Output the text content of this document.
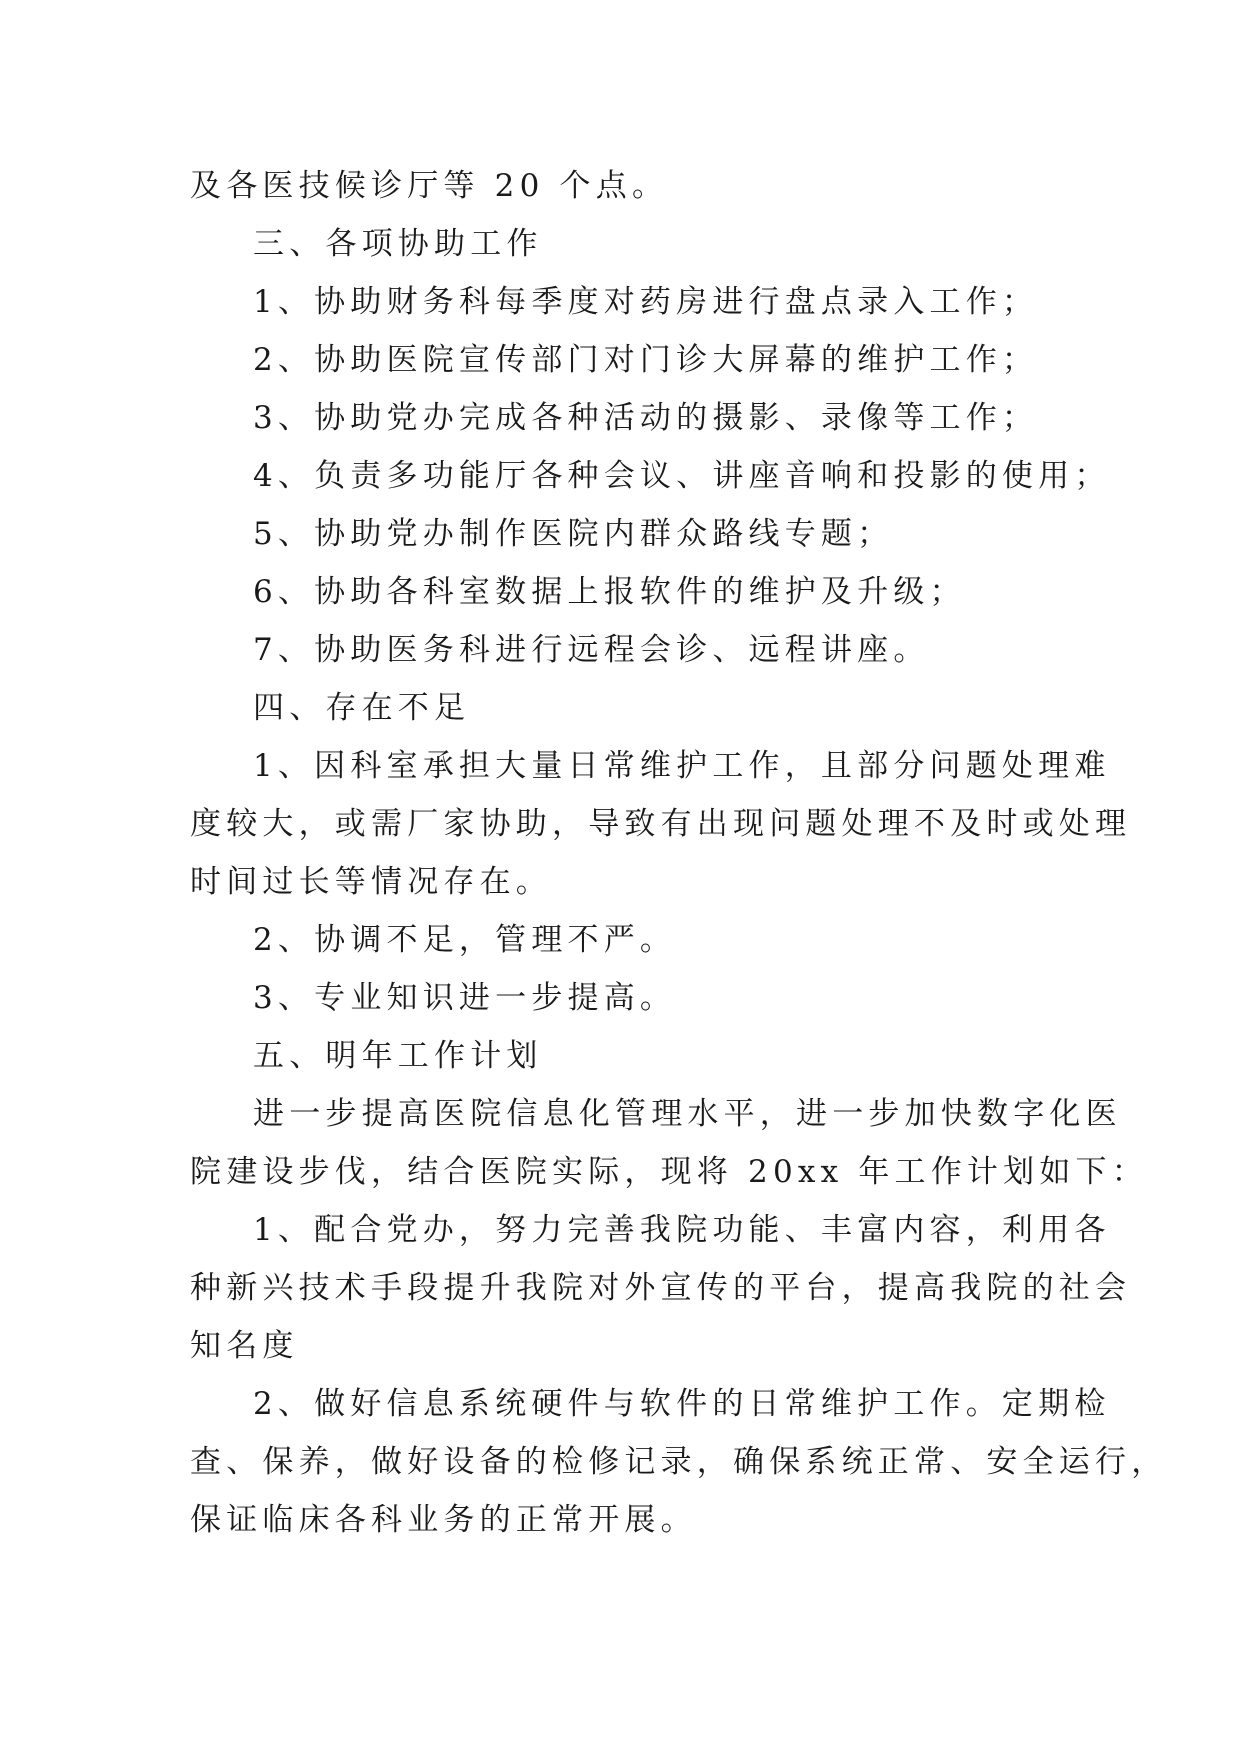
及各医技候诊厅等 20 个点。
三、各项协助工作
1、协助财务科每季度对药房进行盘点录入工作；
2、协助医院宣传部门对门诊大屏幕的维护工作；
3、协助党办完成各种活动的摄影、录像等工作；
4、负责多功能厅各种会议、讲座音响和投影的使用；
5、协助党办制作医院内群众路线专题；
6、协助各科室数据上报软件的维护及升级；
7、协助医务科进行远程会诊、远程讲座。
四、存在不足
1、因科室承担大量日常维护工作，且部分问题处理难
度较大，或需厂家协助，导致有出现问题处理不及时或处理
时间过长等情况存在。
2、协调不足，管理不严。
3、专业知识进一步提高。
五、明年工作计划
进一步提高医院信息化管理水平，进一步加快数字化医
院建设步伐，结合医院实际，现将 20xx 年工作计划如下：
1、配合党办，努力完善我院功能、丰富内容，利用各
种新兴技术手段提升我院对外宣传的平台，提高我院的社会
知名度
2、做好信息系统硬件与软件的日常维护工作。定期检
查、保养，做好设备的检修记录，确保系统正常、安全运行，
保证临床各科业务的正常开展。
